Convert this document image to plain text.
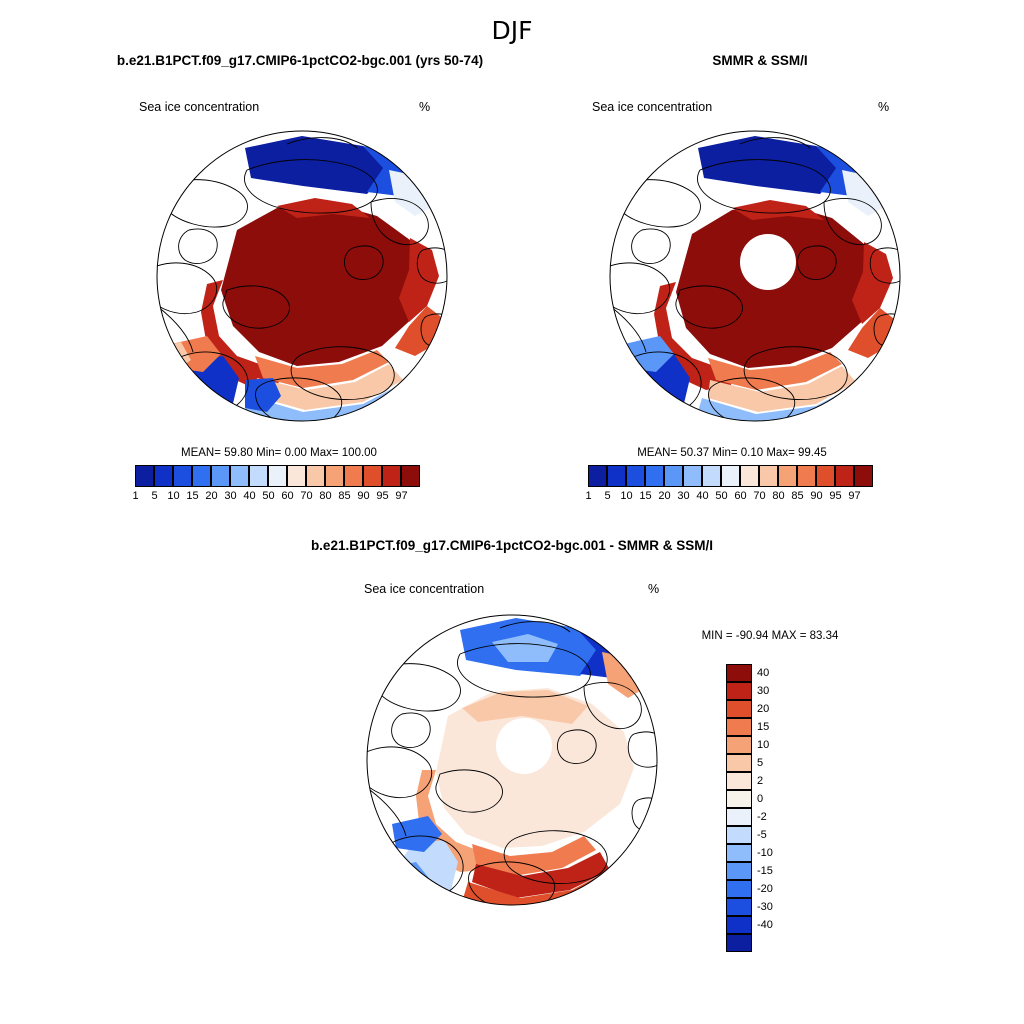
DJF
b.e21.B1PCT.f09_g17.CMIP6-1pctCO2-bgc.001 (yrs 50-74)
Sea ice concentration	%
MEAN= 59.80 Min= 0.00 Max= 100.00
1	5 10 15 20 30 40 50 60 70 80 85 90 95 97
SMMR & SSM/I
Sea ice concentration	%
MEAN= 50.37 Min= 0.10 Max= 99.45
1	5 10 15 20 30 40 50 60 70 80 85 90 95 97
b.e21.B1PCT.f09_g17.CMIP6-1pctCO2-bgc.001 - SMMR & SSM/I
Sea ice concentration	%
MIN = -90.94 MAX = 83.34
40
30
20
15
10
5
2
0
-2
-5
-10
-15
-20
-30
-40
